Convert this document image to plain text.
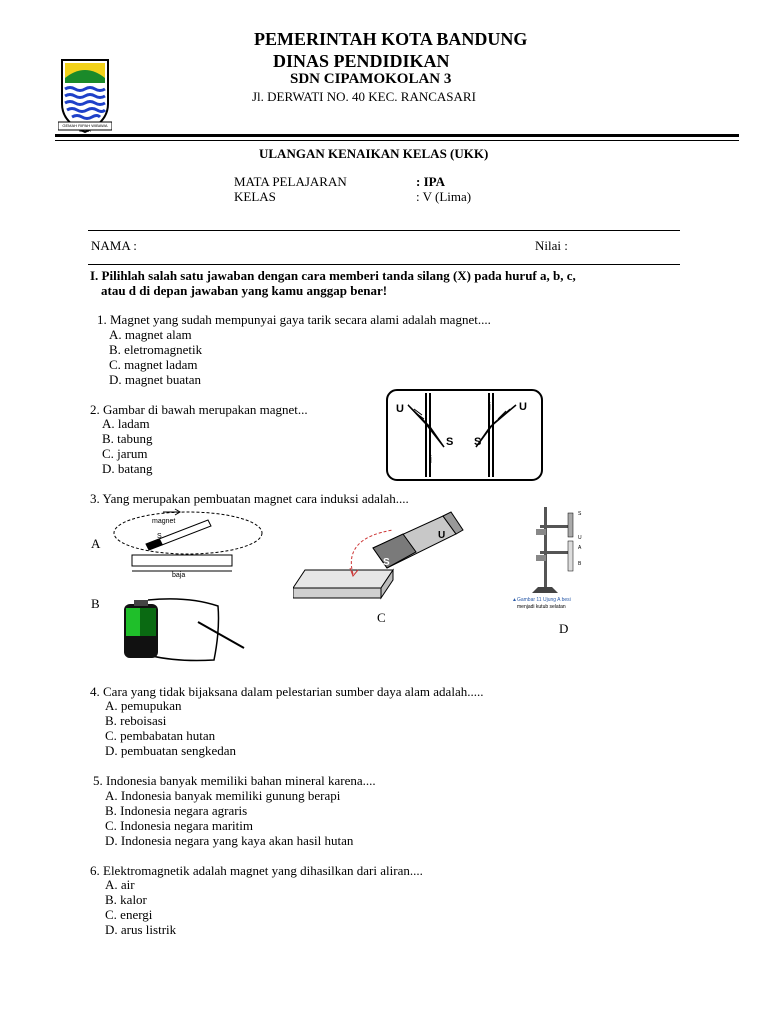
GEMAH RIPAH WIBAWA MUKTI
PEMERINTAH KOTA BANDUNG
DINAS PENDIDIKAN
SDN CIPAMOKOLAN 3
Jl. DERWATI NO. 40 KEC. RANCASARI
ULANGAN KENAIKAN KELAS (UKK)
MATA PELAJARAN	: IPA
KELAS	: V (Lima)
NAMA :	Nilai :
I. Pilihlah salah satu jawaban dengan cara memberi tanda silang (X) pada huruf a, b, c,
atau d di depan jawaban yang kamu anggap benar!
1. Magnet yang sudah mempunyai gaya tarik secara alami adalah magnet....
A. magnet alam
B. eletromagnetik
C. magnet ladam
D. magnet buatan
2. Gambar di bawah merupakan magnet...
A. ladam
B. tabung
C. jarum
D. batang
U
S
i
i	U
S
3. Yang merupakan pembuatan magnet cara induksi adalah....
A
B
C
D
magnet
S
baja
S
U
S
U
A
B
▲Gambar 11 Ujung A besi
menjadi kutub selatan
4. Cara yang tidak bijaksana dalam pelestarian sumber daya alam adalah.....
A. pemupukan
B. reboisasi
C. pembabatan hutan
D. pembuatan sengkedan
5. Indonesia banyak memiliki bahan mineral karena....
A. Indonesia banyak memiliki gunung berapi
B. Indonesia negara agraris
C. Indonesia negara maritim
D. Indonesia negara yang kaya akan hasil hutan
6. Elektromagnetik adalah magnet yang dihasilkan dari aliran....
A. air
B. kalor
C. energi
D. arus listrik
